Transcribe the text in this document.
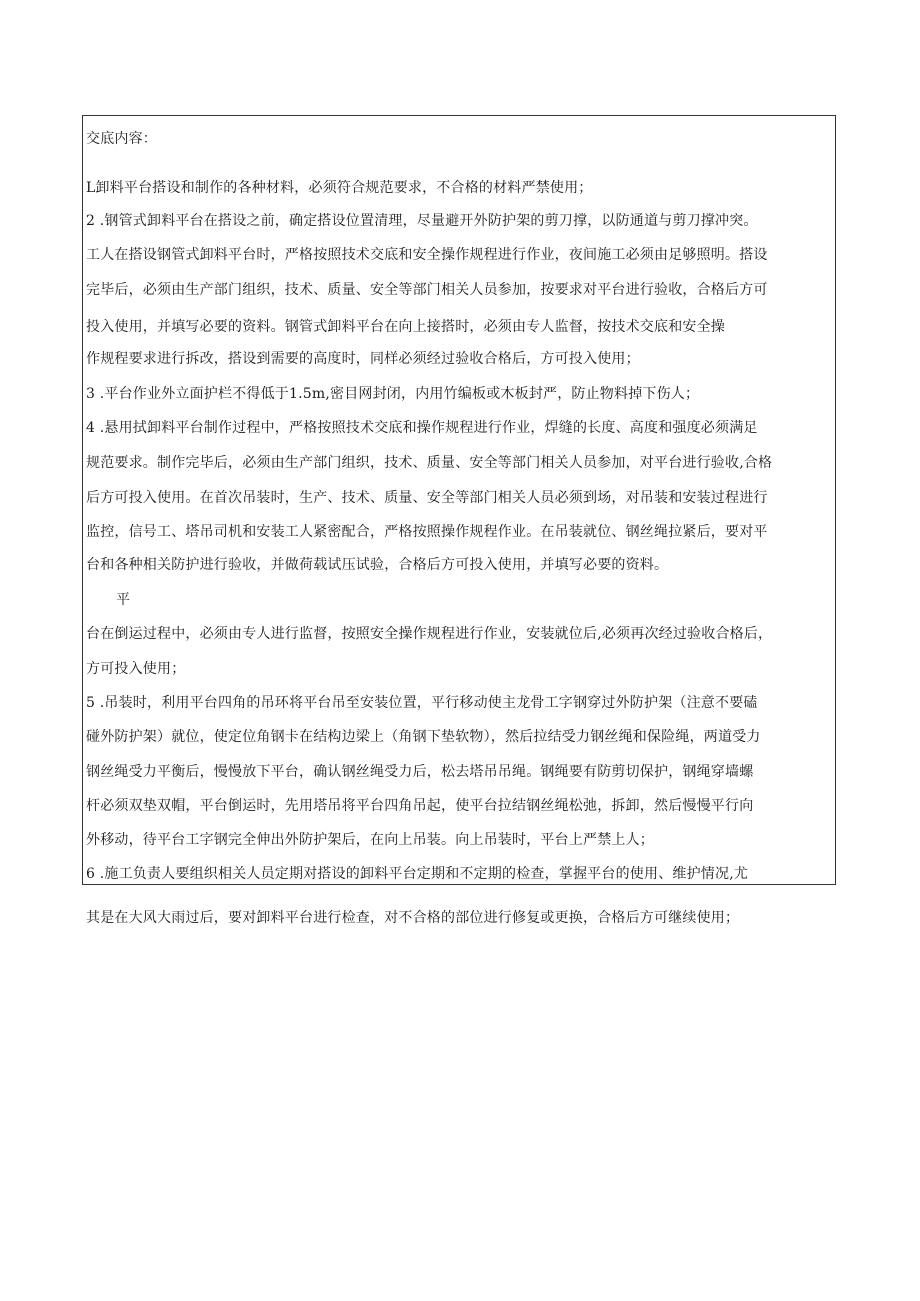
交底内容：
L卸料平台搭设和制作的各种材料，必须符合规范要求，不合格的材料严禁使用；
2 .钢管式卸料平台在搭设之前，确定搭设位置清理，尽量避开外防护架的剪刀撑，以防通道与剪刀撑冲突。
工人在搭设钢管式卸料平台时，严格按照技术交底和安全操作规程进行作业，夜间施工必须由足够照明。搭设
完毕后，必须由生产部门组织，技术、质量、安全等部门相关人员参加，按要求对平台进行验收，合格后方可
投入使用，并填写必要的资料。钢管式卸料平台在向上接搭时，必须由专人监督，按技术交底和安全操
作规程要求进行拆改，搭设到需要的高度时，同样必须经过验收合格后，方可投入使用；
3 .平台作业外立面护栏不得低于1.5m,密目网封闭，内用竹编板或木板封严，防止物料掉下伤人；
4 .悬用拭卸料平台制作过程中，严格按照技术交底和操作规程进行作业，焊缝的长度、高度和强度必须满足
规范要求。制作完毕后，必须由生产部门组织，技术、质量、安全等部门相关人员参加，对平台进行验收,合格
后方可投入使用。在首次吊装时，生产、技术、质量、安全等部门相关人员必须到场，对吊装和安装过程进行
监控，信号工、塔吊司机和安装工人紧密配合，严格按照操作规程作业。在吊装就位、钢丝绳拉紧后，要对平
台和各种相关防护进行验收，并做荷载试压试验，合格后方可投入使用，并填写必要的资料。
平
台在倒运过程中，必须由专人进行监督，按照安全操作规程进行作业，安装就位后,必须再次经过验收合格后，
方可投入使用；
5 .吊装时，利用平台四角的吊环将平台吊至安装位置，平行移动使主龙骨工字钢穿过外防护架（注意不要磕
碰外防护架）就位，使定位角钢卡在结构边梁上（角钢下垫软物），然后拉结受力钢丝绳和保险绳，两道受力
钢丝绳受力平衡后，慢慢放下平台，确认钢丝绳受力后，松去塔吊吊绳。钢绳要有防剪切保护，钢绳穿墙螺
杆必须双垫双帽，平台倒运时，先用塔吊将平台四角吊起，使平台拉结钢丝绳松弛，拆卸，然后慢慢平行向
外移动，待平台工字钢完全伸出外防护架后，在向上吊装。向上吊装时，平台上严禁上人；
6 .施工负责人要组织相关人员定期对搭设的卸料平台定期和不定期的检查，掌握平台的使用、维护情况,尤
其是在大风大雨过后，要对卸料平台进行检查，对不合格的部位进行修复或更换，合格后方可继续使用；
